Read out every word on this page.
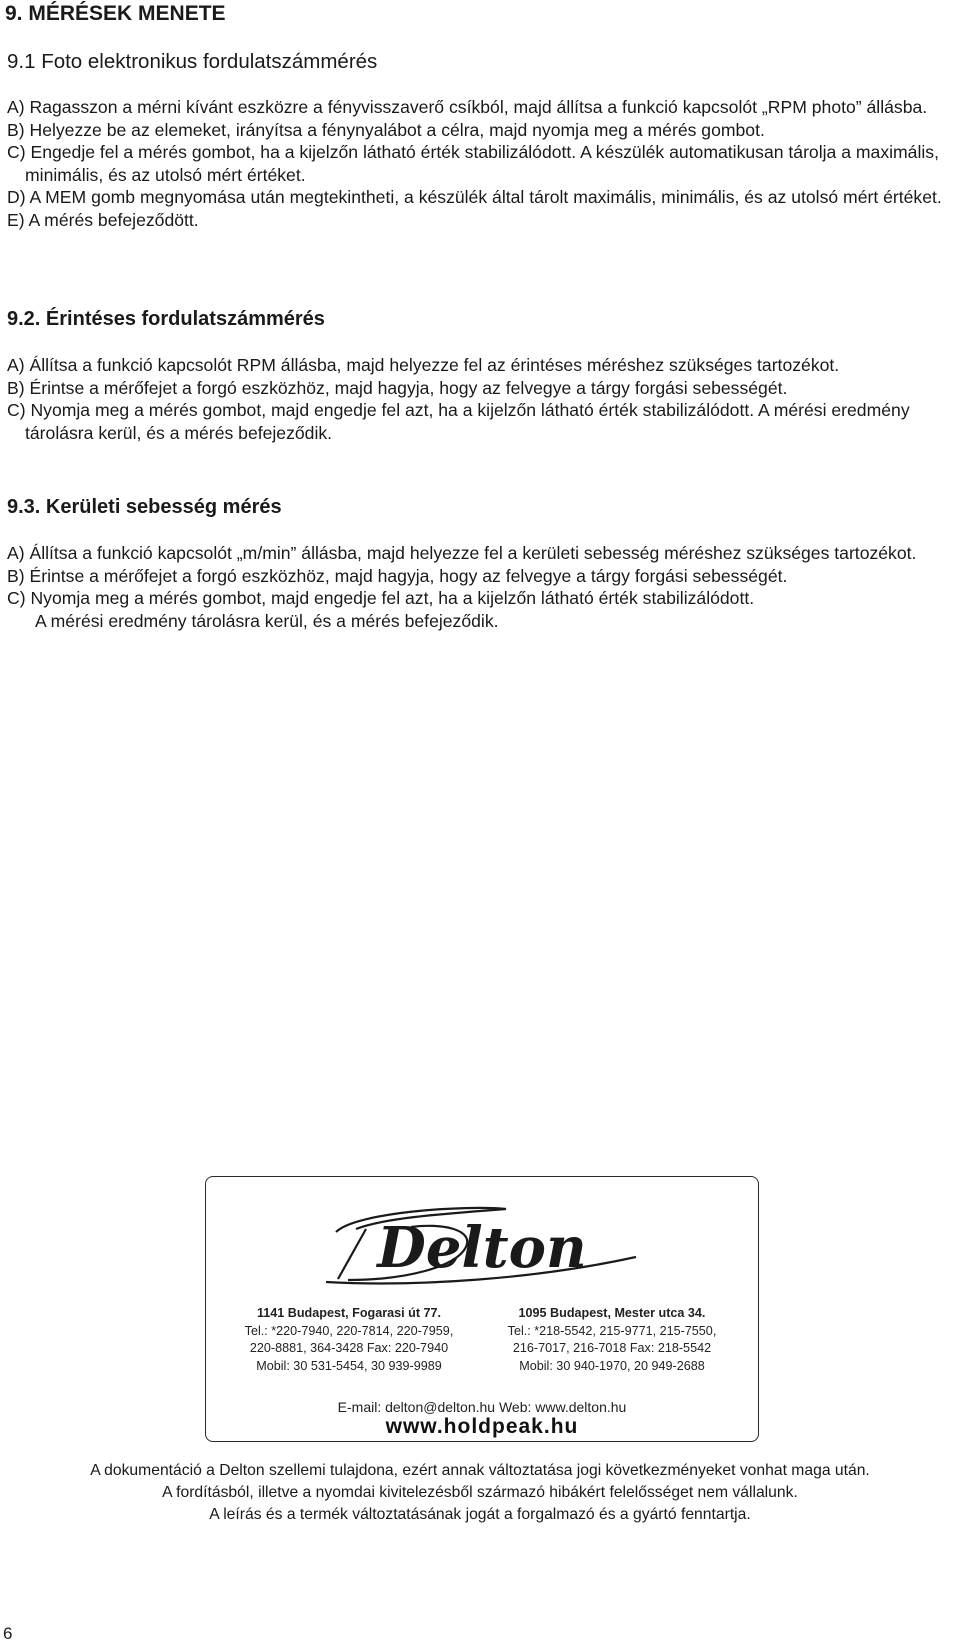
9. MÉRÉSEK MENETE
9.1 Foto elektronikus fordulatszámmérés

A) Ragasszon a mérni kívánt eszközre a fényvisszaverő csíkból, majd állítsa a funkció kapcsolót „RPM photo” állásba.

B) Helyezze be az elemeket, irányítsa a fénynyalábot a célra, majd nyomja meg a mérés gombot.

C) Engedje fel a mérés gombot, ha a kijelzőn látható érték stabilizálódott. A készülék automatikusan tárolja a maximális, minimális, és az utolsó mért értéket.

D) A MEM gomb megnyomása után megtekintheti, a készülék által tárolt maximális, minimális, és az utolsó mért értéket.

E) A mérés befejeződött.

9.2. Érintéses fordulatszámmérés

A) Állítsa a funkció kapcsolót RPM állásba, majd helyezze fel az érintéses méréshez szükséges tartozékot.

B) Érintse a mérőfejet a forgó eszközhöz, majd hagyja, hogy az felvegye a tárgy forgási sebességét.

C) Nyomja meg a mérés gombot, majd engedje fel azt, ha a kijelzőn látható érték stabilizálódott. A mérési eredmény tárolásra kerül, és a mérés befejeződik.

9.3. Kerületi sebesség mérés

A) Állítsa a funkció kapcsolót „m/min” állásba, majd helyezze fel a kerületi sebesség méréshez szükséges tartozékot.

B) Érintse a mérőfejet a forgó eszközhöz, majd hagyja, hogy az felvegye a tárgy forgási sebességét.

C) Nyomja meg a mérés gombot, majd engedje fel azt, ha a kijelzőn látható érték stabilizálódott.

A mérési eredmény tárolásra kerül, és a mérés befejeződik.

Delton
1141 Budapest, Fogarasi út 77.
Tel.: *220-7940, 220-7814, 220-7959,
220-8881, 364-3428 Fax: 220-7940
Mobil: 30 531-5454, 30 939-9989
1095 Budapest, Mester utca 34.
Tel.: *218-5542, 215-9771, 215-7550,
216-7017, 216-7018 Fax: 218-5542
Mobil: 30 940-1970, 20 949-2688
E-mail: delton@delton.hu Web: www.delton.hu
www.holdpeak.hu
A dokumentáció a Delton szellemi tulajdona, ezért annak változtatása jogi következményeket vonhat maga után.
A fordításból, illetve a nyomdai kivitelezésből származó hibákért felelősséget nem vállalunk.
A leírás és a termék változtatásának jogát a forgalmazó és a gyártó fenntartja.
6
